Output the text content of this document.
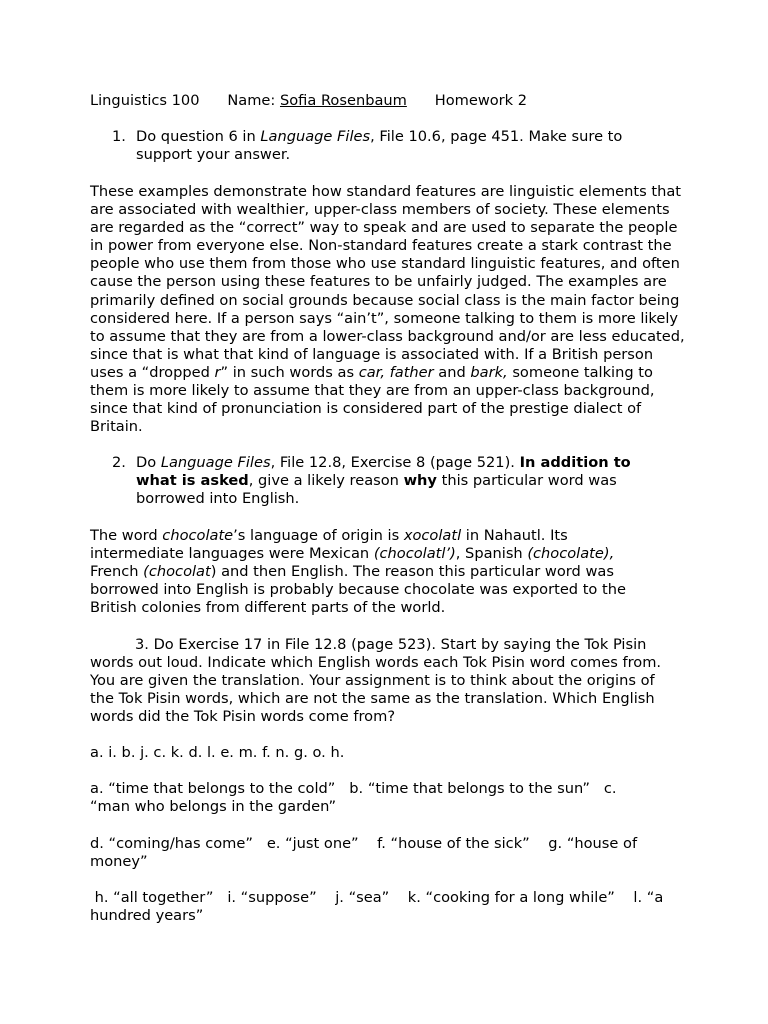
Linguistics 100 Name: Sofia Rosenbaum Homework 2
1. Do question 6 in Language Files, File 10.6, page 451. Make sure to support your answer.

These examples demonstrate how standard features are linguistic elements that are associated with wealthier, upper-class members of society. These elements are regarded as the “correct” way to speak and are used to separate the people in power from everyone else. Non-standard features create a stark contrast the people who use them from those who use standard linguistic features, and often cause the person using these features to be unfairly judged. The examples are primarily defined on social grounds because social class is the main factor being considered here. If a person says “ain’t”, someone talking to them is more likely to assume that they are from a lower-class background and/or are less educated, since that is what that kind of language is associated with. If a British person uses a “dropped r” in such words as car, father and bark, someone talking to them is more likely to assume that they are from an upper-class background, since that kind of pronunciation is considered part of the prestige dialect of Britain.

2. Do Language Files, File 12.8, Exercise 8 (page 521). In addition to what is asked, give a likely reason why this particular word was borrowed into English.

The word chocolate’s language of origin is xocolatl in Nahautl. Its intermediate languages were Mexican (chocolatl’), Spanish (chocolate), French (chocolat) and then English. The reason this particular word was borrowed into English is probably because chocolate was exported to the British colonies from different parts of the world.

3. Do Exercise 17 in File 12.8 (page 523). Start by saying the Tok Pisin words out loud. Indicate which English words each Tok Pisin word comes from. You are given the translation. Your assignment is to think about the origins of the Tok Pisin words, which are not the same as the translation. Which English words did the Tok Pisin words come from?

a. i. b. j. c. k. d. l. e. m. f. n. g. o. h.

a. “time that belongs to the cold”   b. “time that belongs to the sun”   c. “man who belongs in the garden”

d. “coming/has come”   e. “just one”    f. “house of the sick”    g. “house of money”

h. “all together”   i. “suppose”    j. “sea”    k. “cooking for a long while”    l. “a hundred years”
